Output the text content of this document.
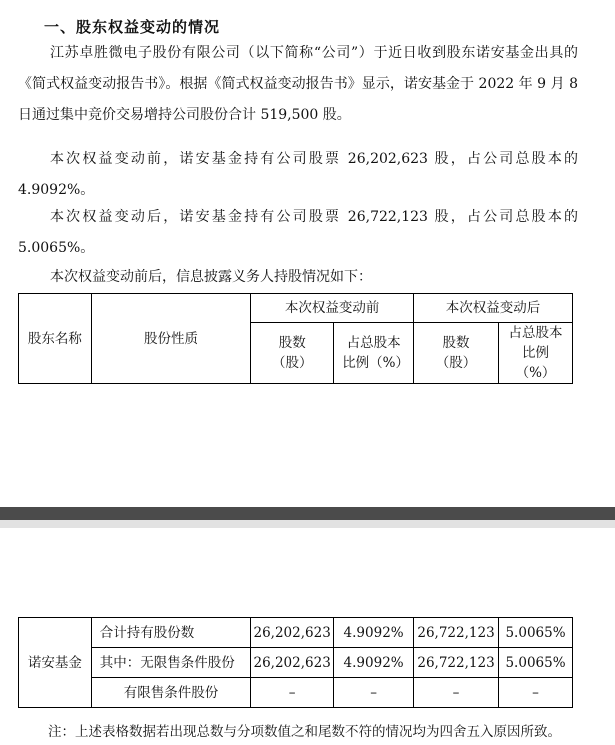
一、股东权益变动的情况

江苏卓胜微电子股份有限公司（以下简称“公司”）于近日收到股东诺安基金出具的《简式权益变动报告书》。根据《简式权益变动报告书》显示，诺安基金于 2022 年 9 月 8 日通过集中竞价交易增持公司股份合计 519,500 股。

本次权益变动前，诺安基金持有公司股票 26,202,623 股，占公司总股本的 4.9092%。

本次权益变动后，诺安基金持有公司股票 26,722,123 股，占公司总股本的 5.0065%。

本次权益变动前后，信息披露义务人持股情况如下：

股东名称	股份性质	本次权益变动前		本次权益变动后	
		股数（股）	占总股本比例（%）	股数（股）	占总股本比例（%）
诺安基金	合计持有股份数	26,202,623	4.9092%	26,722,123	5.0065%
	其中：无限售条件股份	26,202,623	4.9092%	26,722,123	5.0065%
	有限售条件股份	–	–	–	–

注：上述表格数据若出现总数与分项数值之和尾数不符的情况均为四舍五入原因所致。
